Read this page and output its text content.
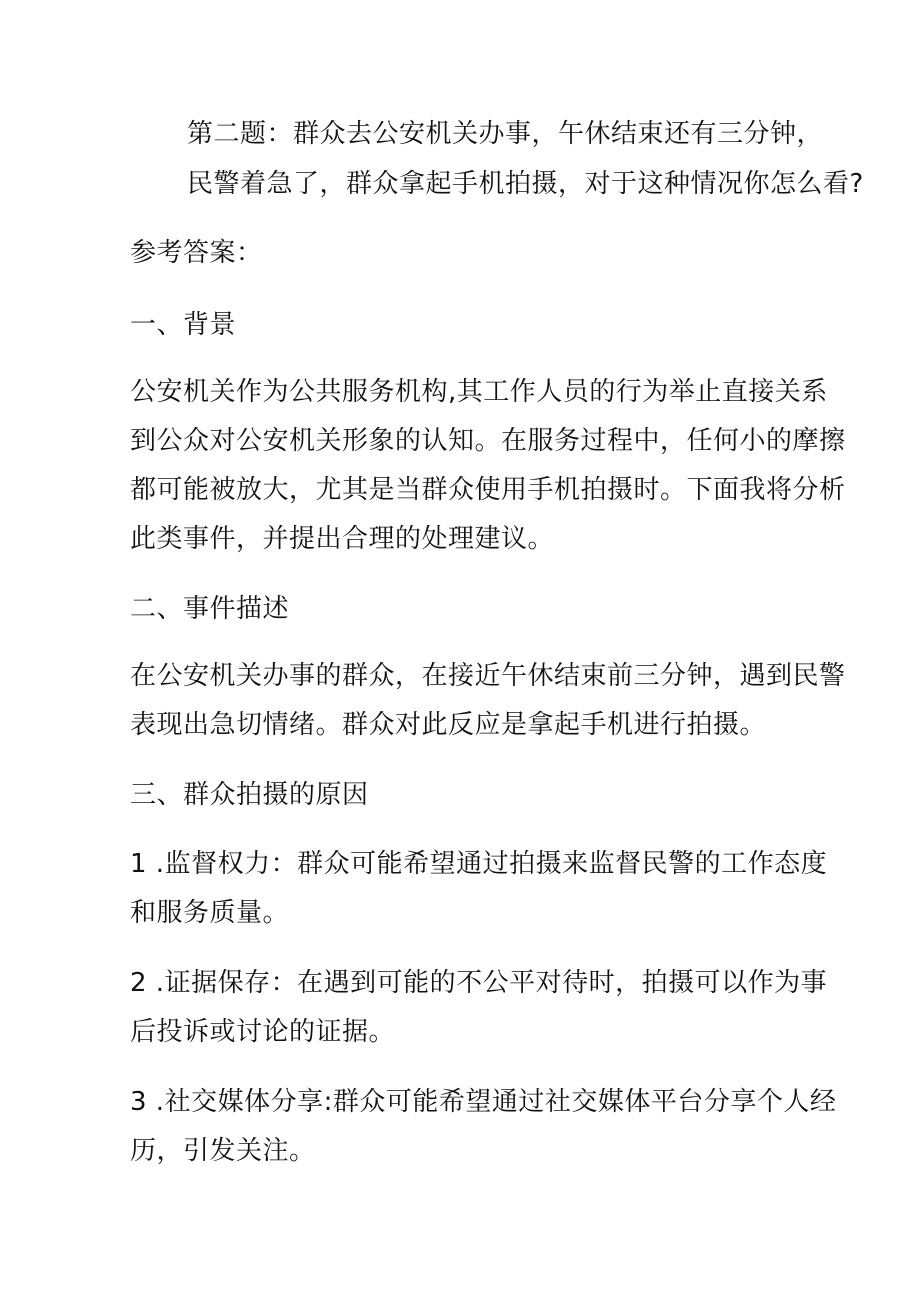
第二题：群众去公安机关办事，午休结束还有三分钟，
民警着急了，群众拿起手机拍摄，对于这种情况你怎么看?
参考答案：
一、背景
公安机关作为公共服务机构,其工作人员的行为举止直接关系
到公众对公安机关形象的认知。在服务过程中，任何小的摩擦
都可能被放大，尤其是当群众使用手机拍摄时。下面我将分析
此类事件，并提出合理的处理建议。
二、事件描述
在公安机关办事的群众，在接近午休结束前三分钟，遇到民警
表现出急切情绪。群众对此反应是拿起手机进行拍摄。
三、群众拍摄的原因
1 .监督权力：群众可能希望通过拍摄来监督民警的工作态度
和服务质量。
2 .证据保存：在遇到可能的不公平对待时，拍摄可以作为事
后投诉或讨论的证据。
3 .社交媒体分享:群众可能希望通过社交媒体平台分享个人经
历，引发关注。
